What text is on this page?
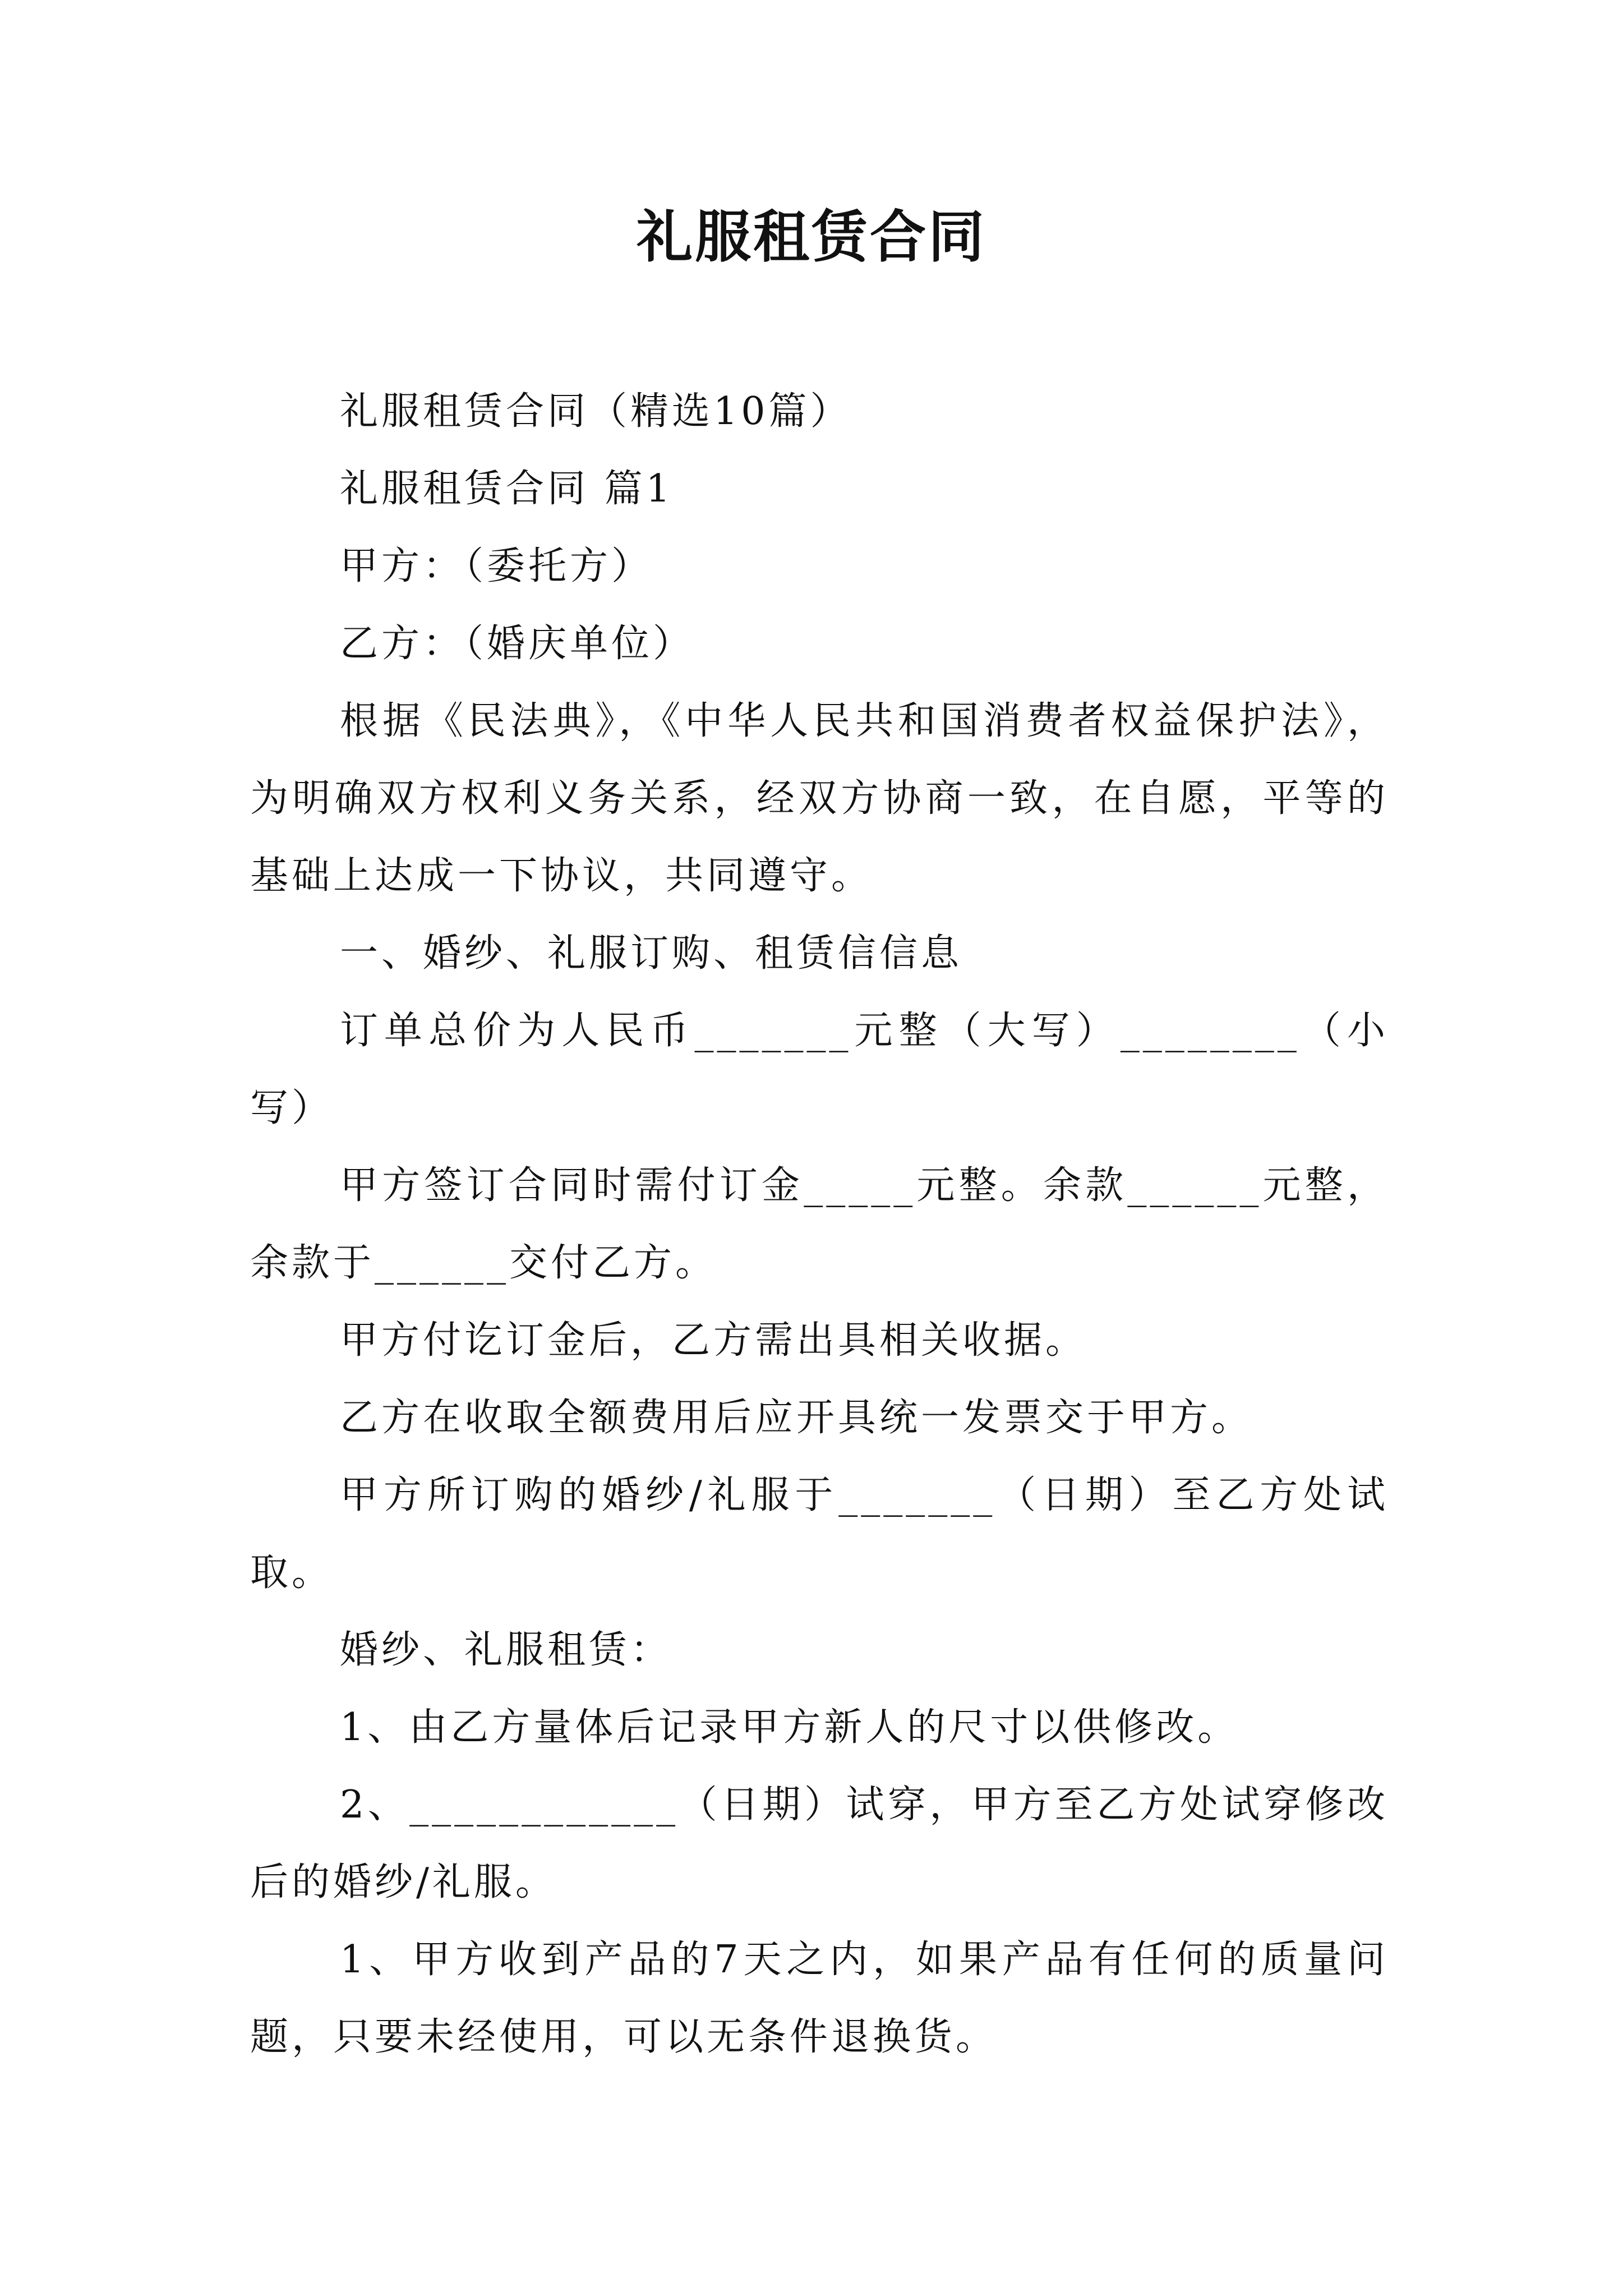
礼服租赁合同

礼服租赁合同（精选10篇）

礼服租赁合同 篇1

甲方：（委托方）

乙方：（婚庆单位）

根据《民法典》，《中华人民共和国消费者权益保护法》，为明确双方权利义务关系，经双方协商一致，在自愿，平等的基础上达成一下协议，共同遵守。

一、婚纱、礼服订购、租赁信信息

订单总价为人民币_______元整（大写）________（小写）

甲方签订合同时需付订金_____元整。余款______元整，余款于______交付乙方。

甲方付讫订金后，乙方需出具相关收据。

乙方在收取全额费用后应开具统一发票交于甲方。

甲方所订购的婚纱/礼服于_______（日期）至乙方处试取。

婚纱、礼服租赁：

1、由乙方量体后记录甲方新人的尺寸以供修改。

2、____________（日期）试穿，甲方至乙方处试穿修改后的婚纱/礼服。

1、甲方收到产品的7天之内，如果产品有任何的质量问题，只要未经使用，可以无条件退换货。
